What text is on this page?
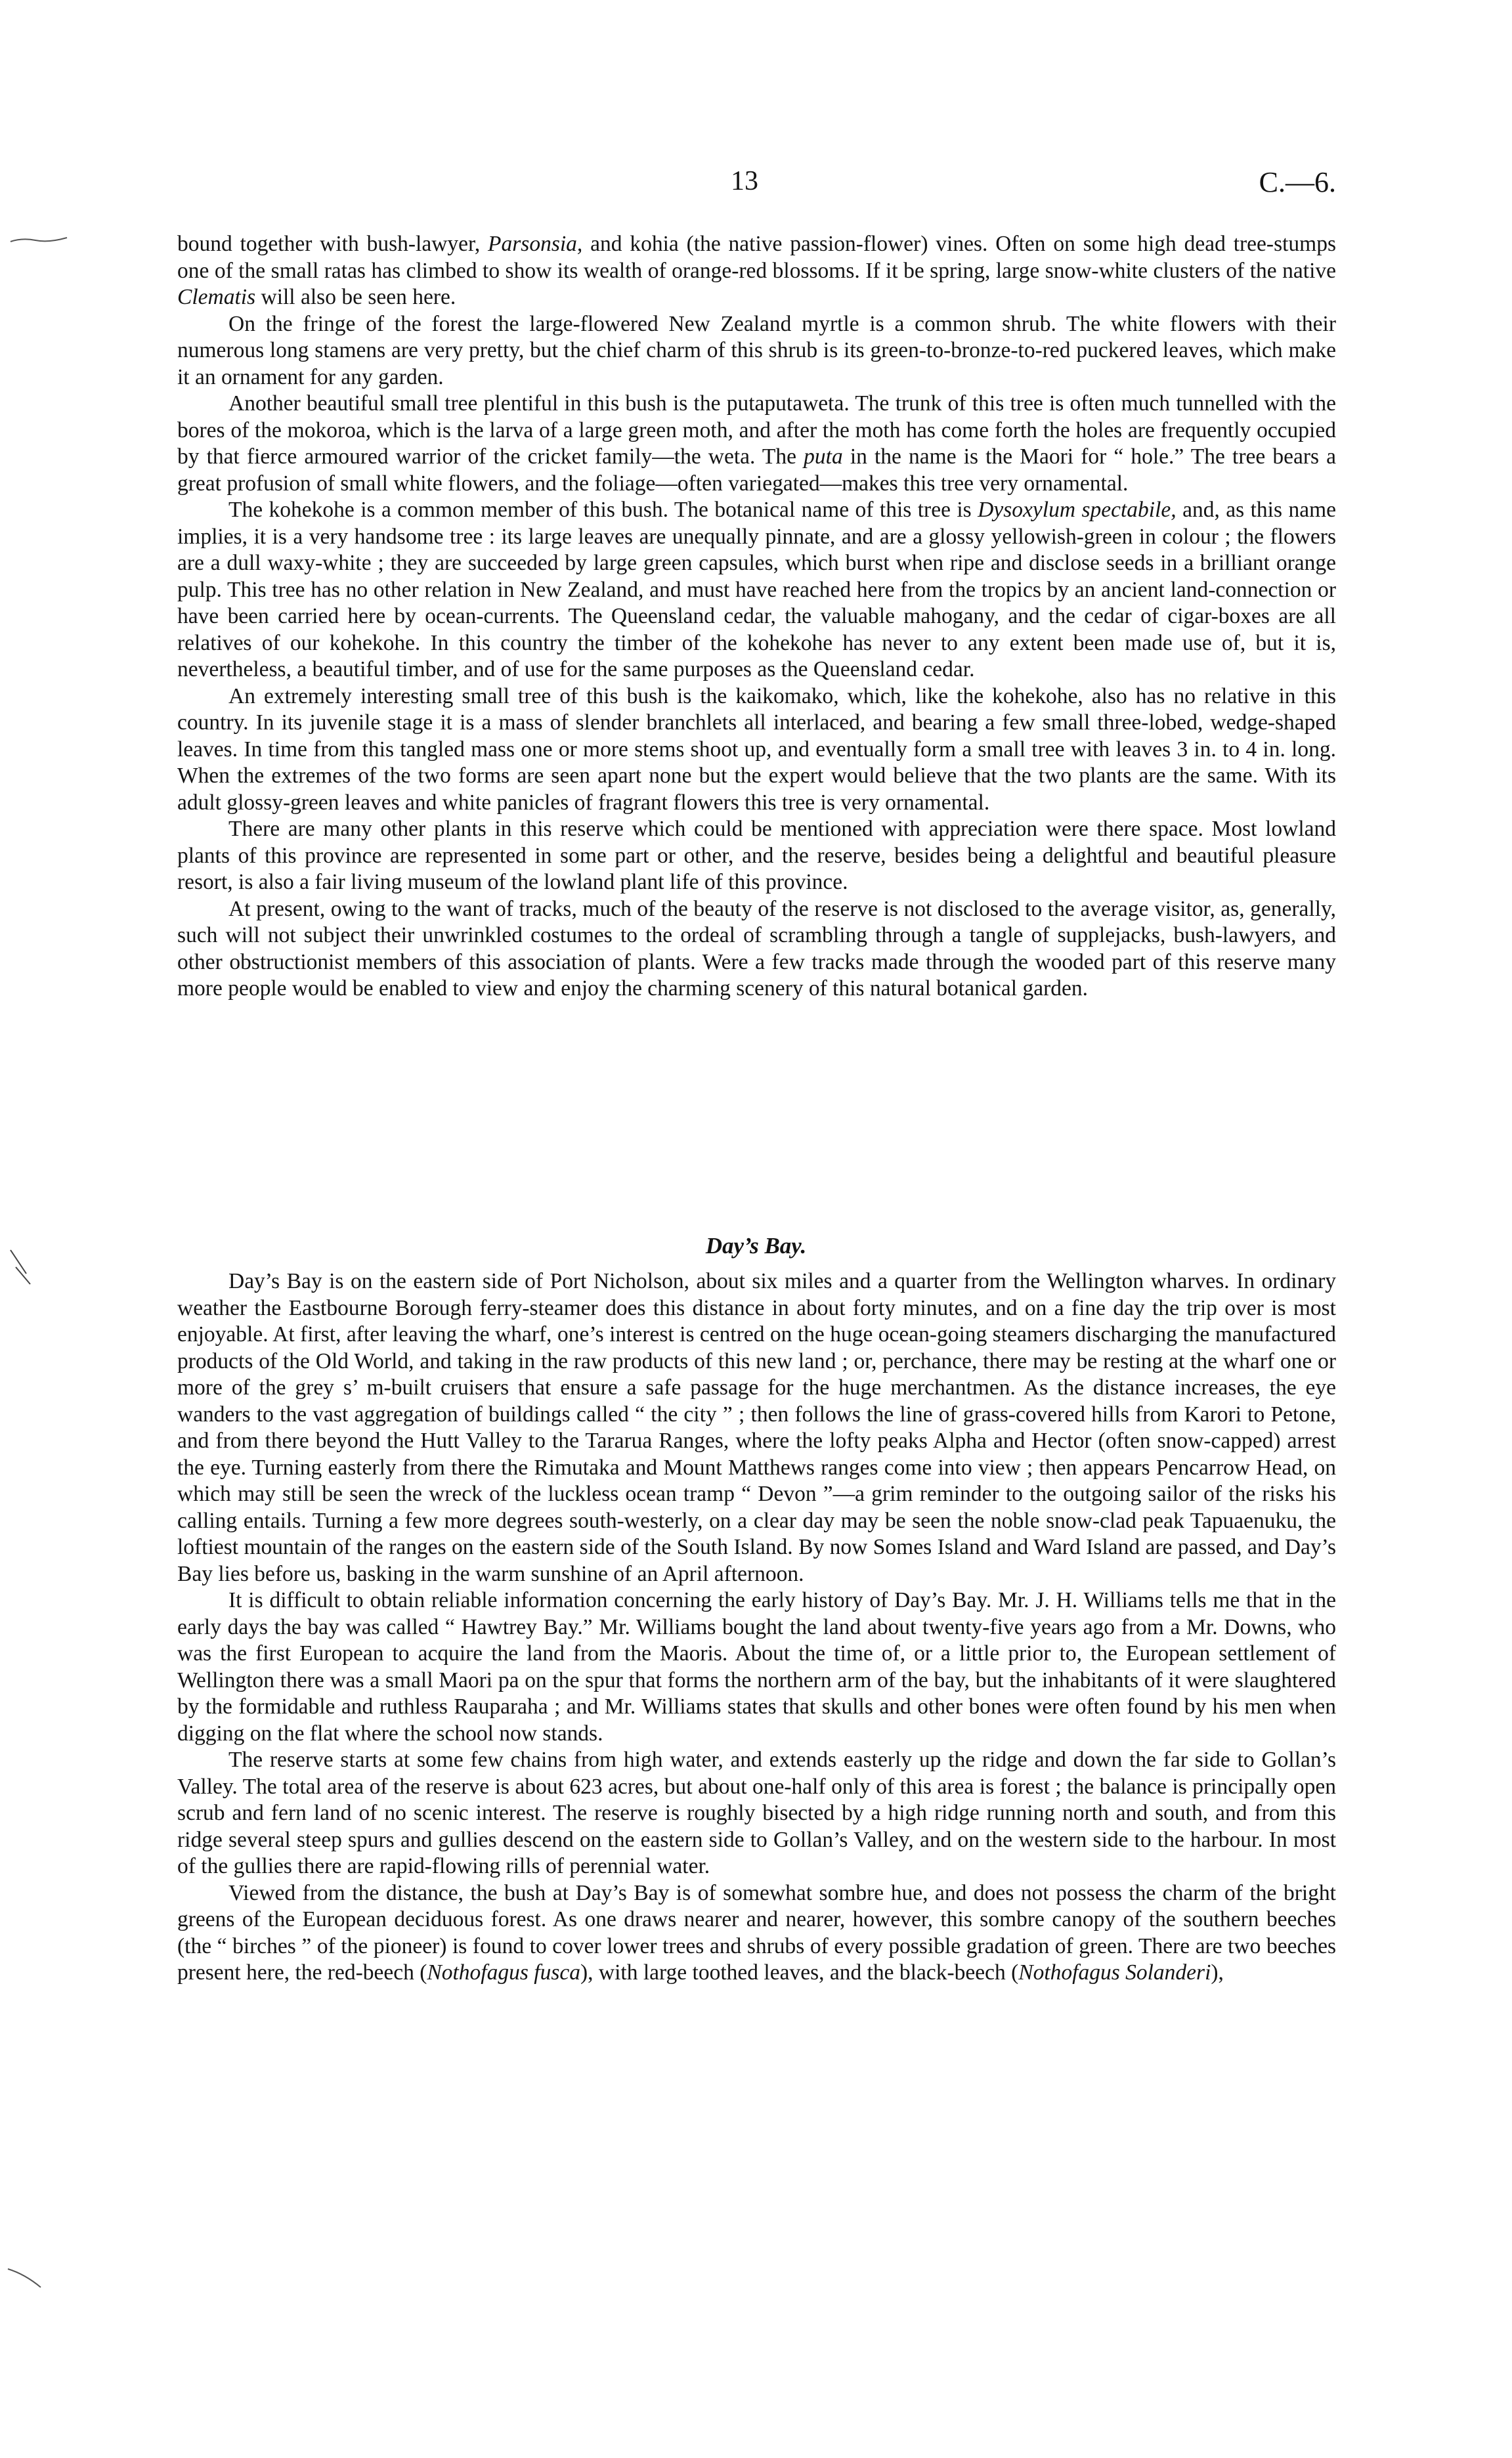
13	C.—6.

bound together with bush-lawyer, Parsonsia, and kohia (the native passion-flower) vines. Often on some high dead tree-stumps one of the small ratas has climbed to show its wealth of orange-red blossoms. If it be spring, large snow-white clusters of the native Clematis will also be seen here.

On the fringe of the forest the large-flowered New Zealand myrtle is a common shrub. The white flowers with their numerous long stamens are very pretty, but the chief charm of this shrub is its green-to-bronze-to-red puckered leaves, which make it an ornament for any garden.

Another beautiful small tree plentiful in this bush is the putaputaweta. The trunk of this tree is often much tunnelled with the bores of the mokoroa, which is the larva of a large green moth, and after the moth has come forth the holes are frequently occupied by that fierce armoured warrior of the cricket family—the weta. The puta in the name is the Maori for “ hole.” The tree bears a great profusion of small white flowers, and the foliage—often variegated—makes this tree very ornamental.

The kohekohe is a common member of this bush. The botanical name of this tree is Dysoxylum spectabile, and, as this name implies, it is a very handsome tree : its large leaves are unequally pinnate, and are a glossy yellowish-green in colour ; the flowers are a dull waxy-white ; they are succeeded by large green capsules, which burst when ripe and disclose seeds in a brilliant orange pulp. This tree has no other relation in New Zealand, and must have reached here from the tropics by an ancient land-connection or have been carried here by ocean-currents. The Queensland cedar, the valuable mahogany, and the cedar of cigar-boxes are all relatives of our kohekohe. In this country the timber of the kohekohe has never to any extent been made use of, but it is, nevertheless, a beautiful timber, and of use for the same purposes as the Queensland cedar.

An extremely interesting small tree of this bush is the kaikomako, which, like the kohekohe, also has no relative in this country. In its juvenile stage it is a mass of slender branchlets all interlaced, and bearing a few small three-lobed, wedge-shaped leaves. In time from this tangled mass one or more stems shoot up, and eventually form a small tree with leaves 3 in. to 4 in. long. When the extremes of the two forms are seen apart none but the expert would believe that the two plants are the same. With its adult glossy-green leaves and white panicles of fragrant flowers this tree is very ornamental.

There are many other plants in this reserve which could be mentioned with appreciation were there space. Most lowland plants of this province are represented in some part or other, and the reserve, besides being a delightful and beautiful pleasure resort, is also a fair living museum of the lowland plant life of this province.

At present, owing to the want of tracks, much of the beauty of the reserve is not disclosed to the average visitor, as, generally, such will not subject their unwrinkled costumes to the ordeal of scrambling through a tangle of supplejacks, bush-lawyers, and other obstructionist members of this association of plants. Were a few tracks made through the wooded part of this reserve many more people would be enabled to view and enjoy the charming scenery of this natural botanical garden.

Day’s Bay.

Day’s Bay is on the eastern side of Port Nicholson, about six miles and a quarter from the Wellington wharves. In ordinary weather the Eastbourne Borough ferry-steamer does this distance in about forty minutes, and on a fine day the trip over is most enjoyable. At first, after leaving the wharf, one’s interest is centred on the huge ocean-going steamers discharging the manufactured products of the Old World, and taking in the raw products of this new land ; or, perchance, there may be resting at the wharf one or more of the grey s’ m-built cruisers that ensure a safe passage for the huge merchantmen. As the distance increases, the eye wanders to the vast aggregation of buildings called “ the city ” ; then follows the line of grass-covered hills from Karori to Petone, and from there beyond the Hutt Valley to the Tararua Ranges, where the lofty peaks Alpha and Hector (often snow-capped) arrest the eye. Turning easterly from there the Rimutaka and Mount Matthews ranges come into view ; then appears Pencarrow Head, on which may still be seen the wreck of the luckless ocean tramp “ Devon ”—a grim reminder to the outgoing sailor of the risks his calling entails. Turning a few more degrees south-westerly, on a clear day may be seen the noble snow-clad peak Tapuaenuku, the loftiest mountain of the ranges on the eastern side of the South Island. By now Somes Island and Ward Island are passed, and Day’s Bay lies before us, basking in the warm sunshine of an April afternoon.

It is difficult to obtain reliable information concerning the early history of Day’s Bay. Mr. J. H. Williams tells me that in the early days the bay was called “ Hawtrey Bay.” Mr. Williams bought the land about twenty-five years ago from a Mr. Downs, who was the first European to acquire the land from the Maoris. About the time of, or a little prior to, the European settlement of Wellington there was a small Maori pa on the spur that forms the northern arm of the bay, but the inhabitants of it were slaughtered by the formidable and ruthless Rauparaha ; and Mr. Williams states that skulls and other bones were often found by his men when digging on the flat where the school now stands.

The reserve starts at some few chains from high water, and extends easterly up the ridge and down the far side to Gollan’s Valley. The total area of the reserve is about 623 acres, but about one-half only of this area is forest ; the balance is principally open scrub and fern land of no scenic interest. The reserve is roughly bisected by a high ridge running north and south, and from this ridge several steep spurs and gullies descend on the eastern side to Gollan’s Valley, and on the western side to the harbour. In most of the gullies there are rapid-flowing rills of perennial water.

Viewed from the distance, the bush at Day’s Bay is of somewhat sombre hue, and does not possess the charm of the bright greens of the European deciduous forest. As one draws nearer and nearer, however, this sombre canopy of the southern beeches (the “ birches ” of the pioneer) is found to cover lower trees and shrubs of every possible gradation of green. There are two beeches present here, the red-beech (Nothofagus fusca), with large toothed leaves, and the black-beech (Nothofagus Solanderi),
